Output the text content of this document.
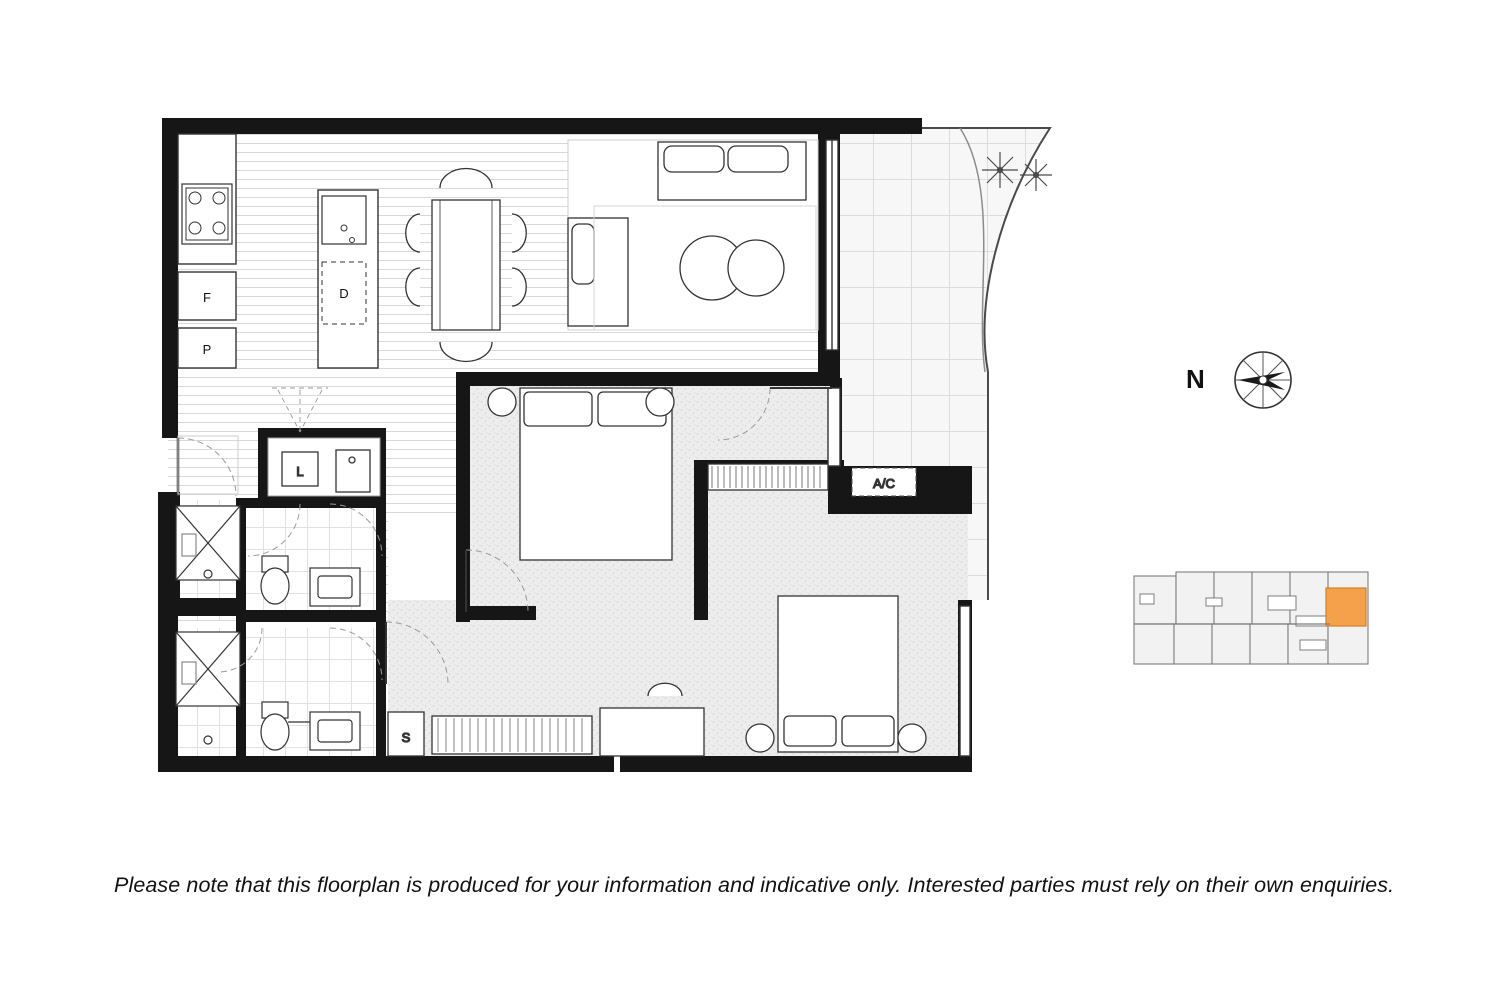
F
P
D
A/C
S
L
N
Please note that this floorplan is produced for your information and indicative only. Interested parties must rely on their own enquiries.
